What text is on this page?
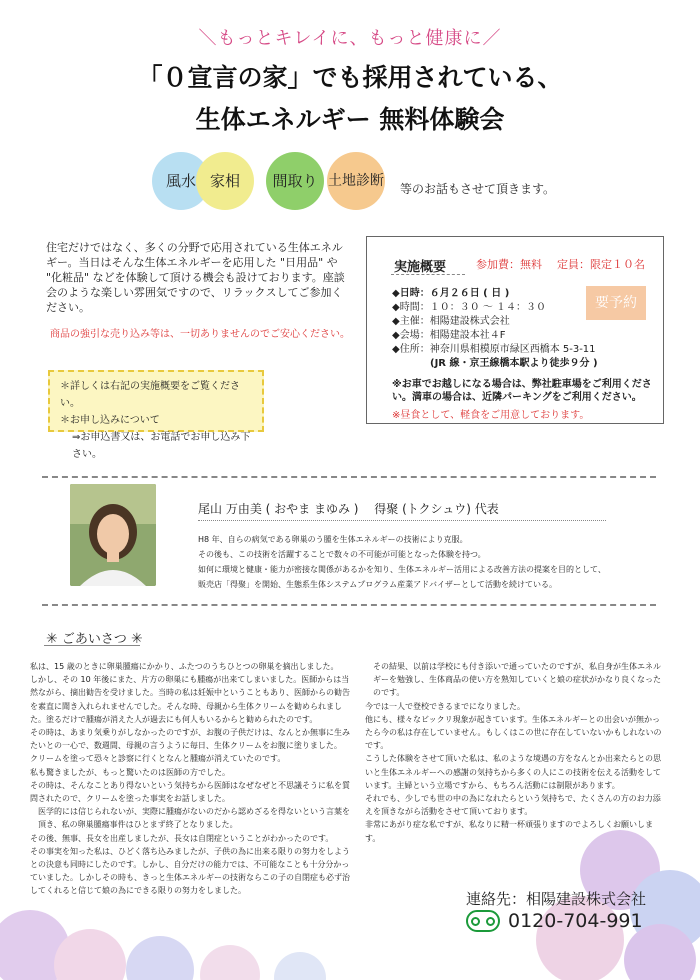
＼もっとキレイに、もっと健康に／
「０宣言の家」でも採用されている、
生体エネルギー 無料体験会
風水 家相	間取り 土地診断 等のお話もさせて頂きます。
住宅だけではなく、多くの分野で応用されている生体エネルギー。当日はそんな生体エネルギーを応用した "日用品" や "化粧品" などを体験して頂ける機会も設けております。座談会のような楽しい雰囲気ですので、リラックスしてご参加ください。
商品の強引な売り込み等は、一切ありませんのでご安心ください。
＊詳しくは右記の実施概要をご覧ください。
＊お申し込みについて
⇒お申込書又は、お電話でお申し込み下さい。
実施概要	参加費：無料 定員：限定１０名
要予約
◆日時：６月２６日 ( 日 )
◆時間：１０：３０ 〜 １４：３０
◆主催：相陽建設株式会社
◆会場：相陽建設本社４F
◆住所：神奈川県相模原市緑区西橋本 5-3-11
(JR 線・京王線橋本駅より徒歩９分 )
※お車でお越しになる場合は、弊社駐車場をご利用ください。満車の場合は、近隣パーキングをご利用ください。
※昼食として、軽食をご用意しております。
尾山 万由美 ( おやま まゆみ )　 得聚 (トクシュウ) 代表
H8 年、自らの病気である卵巣のう腫を生体エネルギーの技術により克服。
その後も、この技術を活躍することで数々の不可能が可能となった体験を持つ。
如何に環境と健康・能力が密接な関係があるかを知り、生体エネルギー活用による改善方法の提案を目的として、
販売店「得聚」を開始、生態系生体システムプログラム産業アドバイザーとして活動を続けている。
✳ ごあいさつ ✳
私は、15 歳のときに卵巣腫瘍にかかり、ふたつのうちひとつの卵巣を摘出しました。
しかし、その 10 年後にまた、片方の卵巣にも腫瘍が出来てしまいました。医師からは当然ながら、摘出勧告を受けました。当時の私は妊娠中ということもあり、医師からの勧告を素直に聞き入れられませんでした。そんな時、母親から生体クリームを勧められました。塗るだけで腫瘍が消えた人が過去にも何人もいるからと勧められたのです。
その時は、あまり気乗りがしなかったのですが、お腹の子供だけは、なんとか無事に生みたいとの一心で、数週間、母親の言うように毎日、生体クリームをお腹に塗りました。
クリームを塗って恐々と診察に行くとなんと腫瘍が消えていたのです。
私も驚きましたが、もっと驚いたのは医師の方でした。
その時は、そんなことあり得ないという気持ちから医師はなぜなぜと不思議そうに私を質問されたので、クリームを塗った事実をお話しました。
医学的には信じられないが、実際に腫瘍がないのだから認めざるを得ないという言葉を頂き、私の卵巣腫瘍事件はひとまず終了となりました。
その後、無事、長女を出産しましたが、長女は自閉症ということがわかったのです。
その事実を知った私は、ひどく落ち込みましたが、子供の為に出来る限りの努力をしようとの決意も同時にしたのです。しかし、自分だけの能力では、不可能なことも十分分かっていました。しかしその時も、きっと生体エネルギーの技術ならこの子の自閉症も必ず治してくれると信じて娘の為にできる限りの努力をしました。
その結果、以前は学校にも付き添いで通っていたのですが、私自身が生体エネルギーを勉強し、生体商品の使い方を熟知していくと娘の症状がかなり良くなったのです。
今では一人で登校できるまでになりました。
他にも、様々なビックリ現象が起きています。生体エネルギーとの出会いが無かったら今の私は存在していません。もしくはこの世に存在していないかもしれないのです。
こうした体験をさせて頂いた私は、私のような境遇の方をなんとか出来たらとの思いと生体エネルギーへの感謝の気持ちから多くの人にこの技術を伝える活動をしています。主婦という立場ですから、もちろん活動には制限があります。
それでも、少しでも世の中の為になれたらという気持ちで、たくさんの方のお力添えを頂きながら活動をさせて頂いております。
非常にあがり症な私ですが、私なりに精一杯頑張りますのでよろしくお願いします。
連絡先：相陽建設株式会社
0120-704-991
